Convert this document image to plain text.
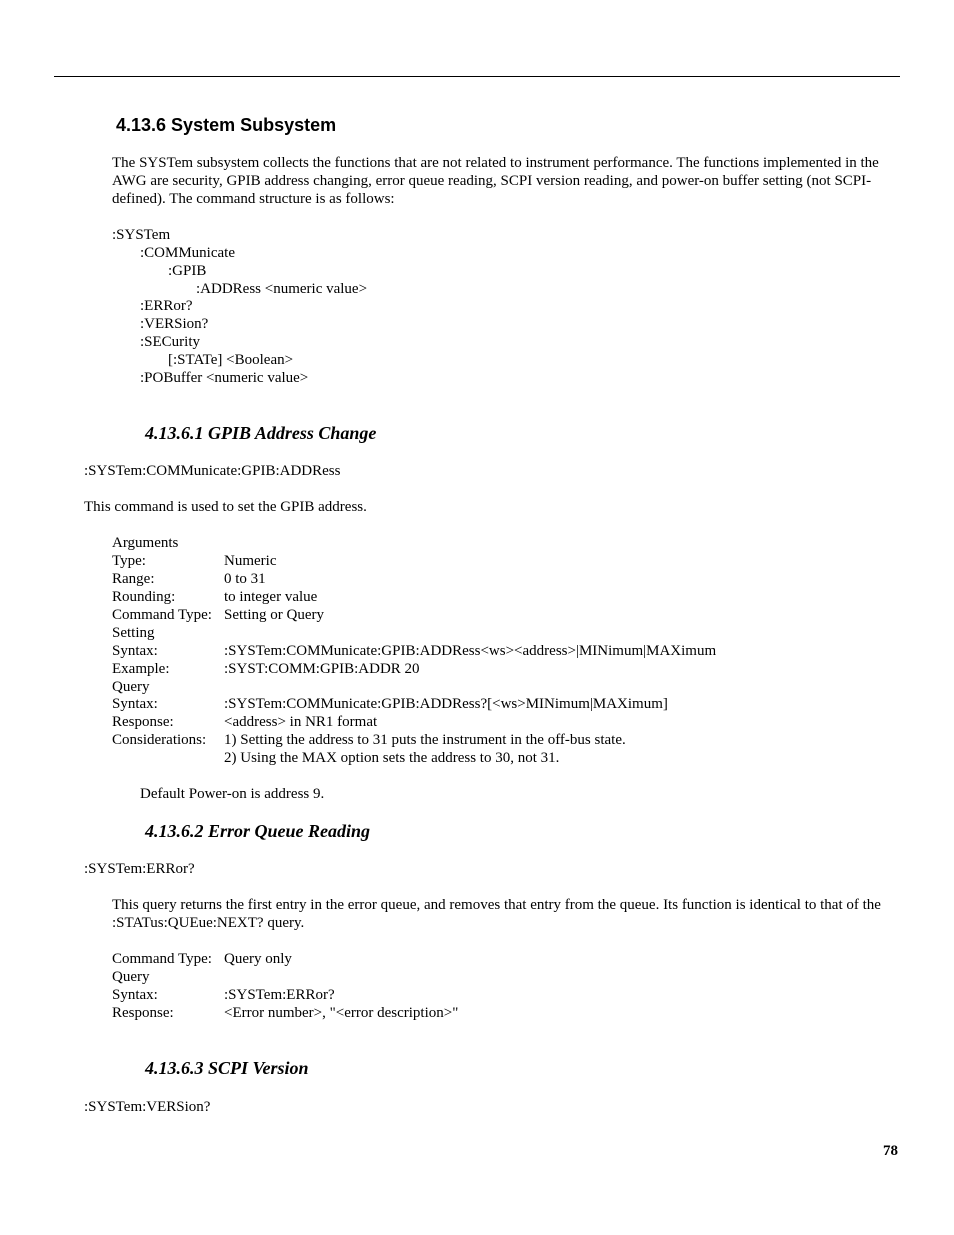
4.13.6 System Subsystem
The SYSTem subsystem collects the functions that are not related to instrument performance. The functions implemented in the AWG are security, GPIB address changing, error queue reading, SCPI version reading, and power-on buffer setting (not SCPI-defined). The command structure is as follows:
:SYSTem
:COMMunicate
:GPIB
:ADDRess <numeric value>
:ERRor?
:VERSion?
:SECurity
[:STATe] <Boolean>
:POBuffer <numeric value>
4.13.6.1 GPIB Address Change
:SYSTem:COMMunicate:GPIB:ADDRess
This command is used to set the GPIB address.
Arguments
Type:	Numeric
Range:	0 to 31
Rounding:	to integer value
Command Type: Setting or Query
Setting
Syntax:	:SYSTem:COMMunicate:GPIB:ADDRess<ws><address>|MINimum|MAXimum
Example:	:SYST:COMM:GPIB:ADDR 20
Query
Syntax:	:SYSTem:COMMunicate:GPIB:ADDRess?[<ws>MINimum|MAXimum]
Response:	<address> in NR1 format
Considerations: 1) Setting the address to 31 puts the instrument in the off-bus state.
2) Using the MAX option sets the address to 30, not 31.
Default Power-on is address 9.
4.13.6.2 Error Queue Reading
:SYSTem:ERRor?
This query returns the first entry in the error queue, and removes that entry from the queue. Its function is identical to that of the :STATus:QUEue:NEXT? query.
Command Type: Query only
Query
Syntax:	:SYSTem:ERRor?
Response:	<Error number>, "<error description>"
4.13.6.3 SCPI Version
:SYSTem:VERSion?
78
